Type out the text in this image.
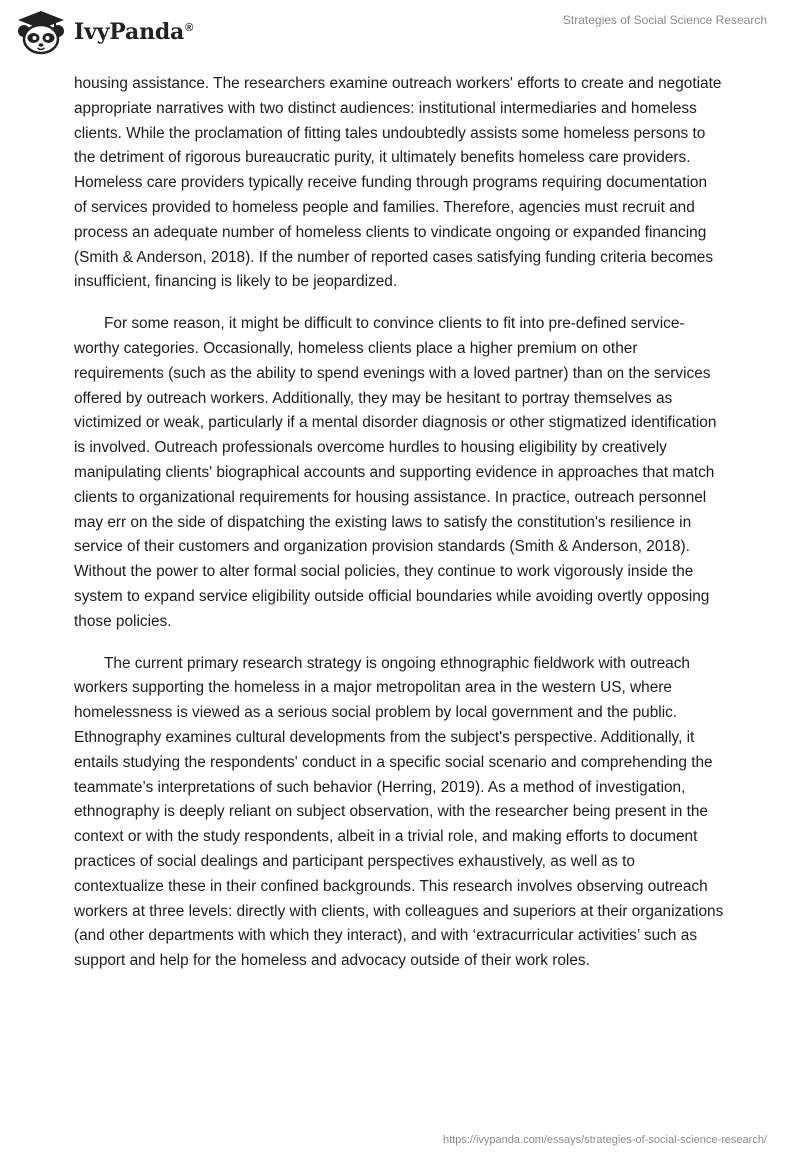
IvyPanda®
Strategies of Social Science Research

housing assistance. The researchers examine outreach workers' efforts to create and negotiate appropriate narratives with two distinct audiences: institutional intermediaries and homeless clients. While the proclamation of fitting tales undoubtedly assists some homeless persons to the detriment of rigorous bureaucratic purity, it ultimately benefits homeless care providers. Homeless care providers typically receive funding through programs requiring documentation of services provided to homeless people and families. Therefore, agencies must recruit and process an adequate number of homeless clients to vindicate ongoing or expanded financing (Smith & Anderson, 2018). If the number of reported cases satisfying funding criteria becomes insufficient, financing is likely to be jeopardized.

For some reason, it might be difficult to convince clients to fit into pre-defined service-worthy categories. Occasionally, homeless clients place a higher premium on other requirements (such as the ability to spend evenings with a loved partner) than on the services offered by outreach workers. Additionally, they may be hesitant to portray themselves as victimized or weak, particularly if a mental disorder diagnosis or other stigmatized identification is involved. Outreach professionals overcome hurdles to housing eligibility by creatively manipulating clients' biographical accounts and supporting evidence in approaches that match clients to organizational requirements for housing assistance. In practice, outreach personnel may err on the side of dispatching the existing laws to satisfy the constitution's resilience in service of their customers and organization provision standards (Smith & Anderson, 2018). Without the power to alter formal social policies, they continue to work vigorously inside the system to expand service eligibility outside official boundaries while avoiding overtly opposing those policies.

The current primary research strategy is ongoing ethnographic fieldwork with outreach workers supporting the homeless in a major metropolitan area in the western US, where homelessness is viewed as a serious social problem by local government and the public. Ethnography examines cultural developments from the subject's perspective. Additionally, it entails studying the respondents' conduct in a specific social scenario and comprehending the teammate’s interpretations of such behavior (Herring, 2019). As a method of investigation, ethnography is deeply reliant on subject observation, with the researcher being present in the context or with the study respondents, albeit in a trivial role, and making efforts to document practices of social dealings and participant perspectives exhaustively, as well as to contextualize these in their confined backgrounds. This research involves observing outreach workers at three levels: directly with clients, with colleagues and superiors at their organizations (and other departments with which they interact), and with ‘extracurricular activities’ such as support and help for the homeless and advocacy outside of their work roles.

https://ivypanda.com/essays/strategies-of-social-science-research/
